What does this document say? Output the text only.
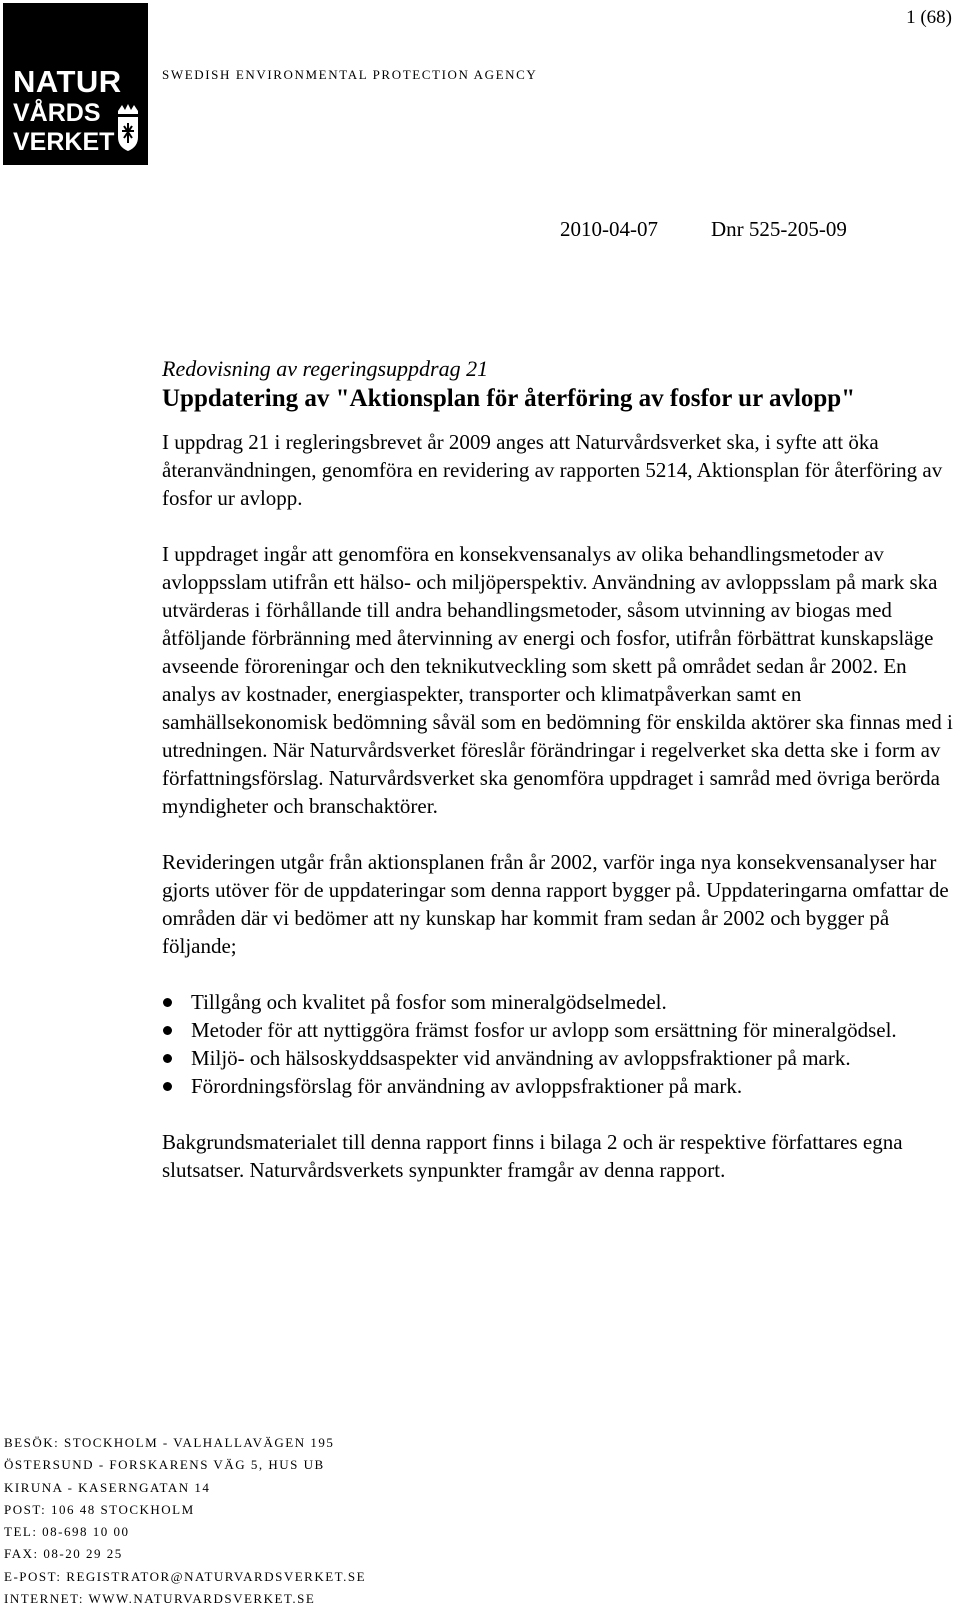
NATUR
VÅRDS
VERKET
SWEDISH ENVIRONMENTAL PROTECTION AGENCY
1 (68)
2010-04-07	Dnr 525-205-09
Redovisning av regeringsuppdrag 21
Uppdatering av "Aktionsplan för återföring av fosfor ur avlopp"

I uppdrag 21 i regleringsbrevet år 2009 anges att Naturvårdsverket ska, i syfte att öka återanvändningen, genomföra en revidering av rapporten 5214, Aktionsplan för återföring av fosfor ur avlopp.

I uppdraget ingår att genomföra en konsekvensanalys av olika behandlingsmetoder av avloppsslam utifrån ett hälso- och miljöperspektiv. Användning av avloppsslam på mark ska utvärderas i förhållande till andra behandlingsmetoder, såsom utvinning av biogas med åtföljande förbränning med återvinning av energi och fosfor, utifrån förbättrat kunskapsläge avseende föroreningar och den teknikutveckling som skett på området sedan år 2002. En analys av kostnader, energiaspekter, transporter och klimatpåverkan samt en samhällsekonomisk bedömning såväl som en bedömning för enskilda aktörer ska finnas med i utredningen. När Naturvårdsverket föreslår förändringar i regelverket ska detta ske i form av författningsförslag. Naturvårdsverket ska genomföra uppdraget i samråd med övriga berörda myndigheter och branschaktörer.

Revideringen utgår från aktionsplanen från år 2002, varför inga nya konsekvensanalyser har gjorts utöver för de uppdateringar som denna rapport bygger på. Uppdateringarna omfattar de områden där vi bedömer att ny kunskap har kommit fram sedan år 2002 och bygger på följande;

Tillgång och kvalitet på fosfor som mineralgödselmedel.
Metoder för att nyttiggöra främst fosfor ur avlopp som ersättning för mineralgödsel.
Miljö- och hälsoskyddsaspekter vid användning av avloppsfraktioner på mark.
Förordningsförslag för användning av avloppsfraktioner på mark.

Bakgrundsmaterialet till denna rapport finns i bilaga 2 och är respektive författares egna slutsatser. Naturvårdsverkets synpunkter framgår av denna rapport.

BESÖK: STOCKHOLM - VALHALLAVÄGEN 195
ÖSTERSUND - FORSKARENS VÄG 5, HUS UB
KIRUNA - KASERNGATAN 14
POST: 106 48 STOCKHOLM
TEL: 08-698 10 00
FAX: 08-20 29 25
E-POST: REGISTRATOR@NATURVARDSVERKET.SE
INTERNET: WWW.NATURVARDSVERKET.SE
